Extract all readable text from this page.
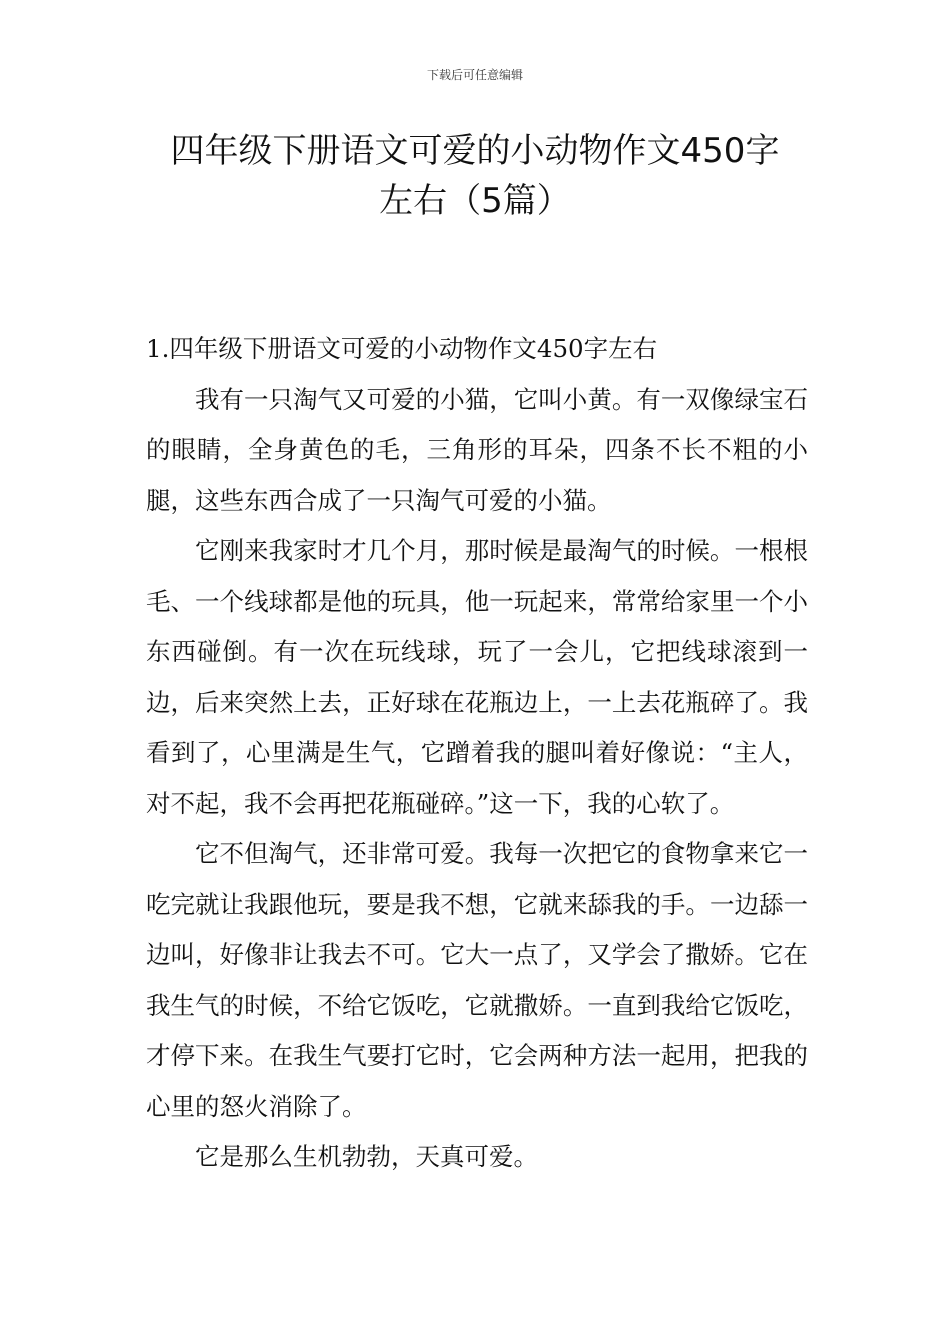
下载后可任意编辑
四年级下册语文可爱的小动物作文450字
左右（5篇）

1.四年级下册语文可爱的小动物作文450字左右

我有一只淘气又可爱的小猫，它叫小黄。有一双像绿宝石的眼睛，全身黄色的毛，三角形的耳朵，四条不长不粗的小腿，这些东西合成了一只淘气可爱的小猫。

它刚来我家时才几个月，那时候是最淘气的时候。一根根毛、一个线球都是他的玩具，他一玩起来，常常给家里一个小东西碰倒。有一次在玩线球，玩了一会儿，它把线球滚到一边，后来突然上去，正好球在花瓶边上，一上去花瓶碎了。我看到了，心里满是生气，它蹭着我的腿叫着好像说：“主人，对不起，我不会再把花瓶碰碎。”这一下，我的心软了。

它不但淘气，还非常可爱。我每一次把它的食物拿来它一吃完就让我跟他玩，要是我不想，它就来舔我的手。一边舔一边叫，好像非让我去不可。它大一点了，又学会了撒娇。它在我生气的时候，不给它饭吃，它就撒娇。一直到我给它饭吃，才停下来。在我生气要打它时，它会两种方法一起用，把我的心里的怒火消除了。

它是那么生机勃勃，天真可爱。
